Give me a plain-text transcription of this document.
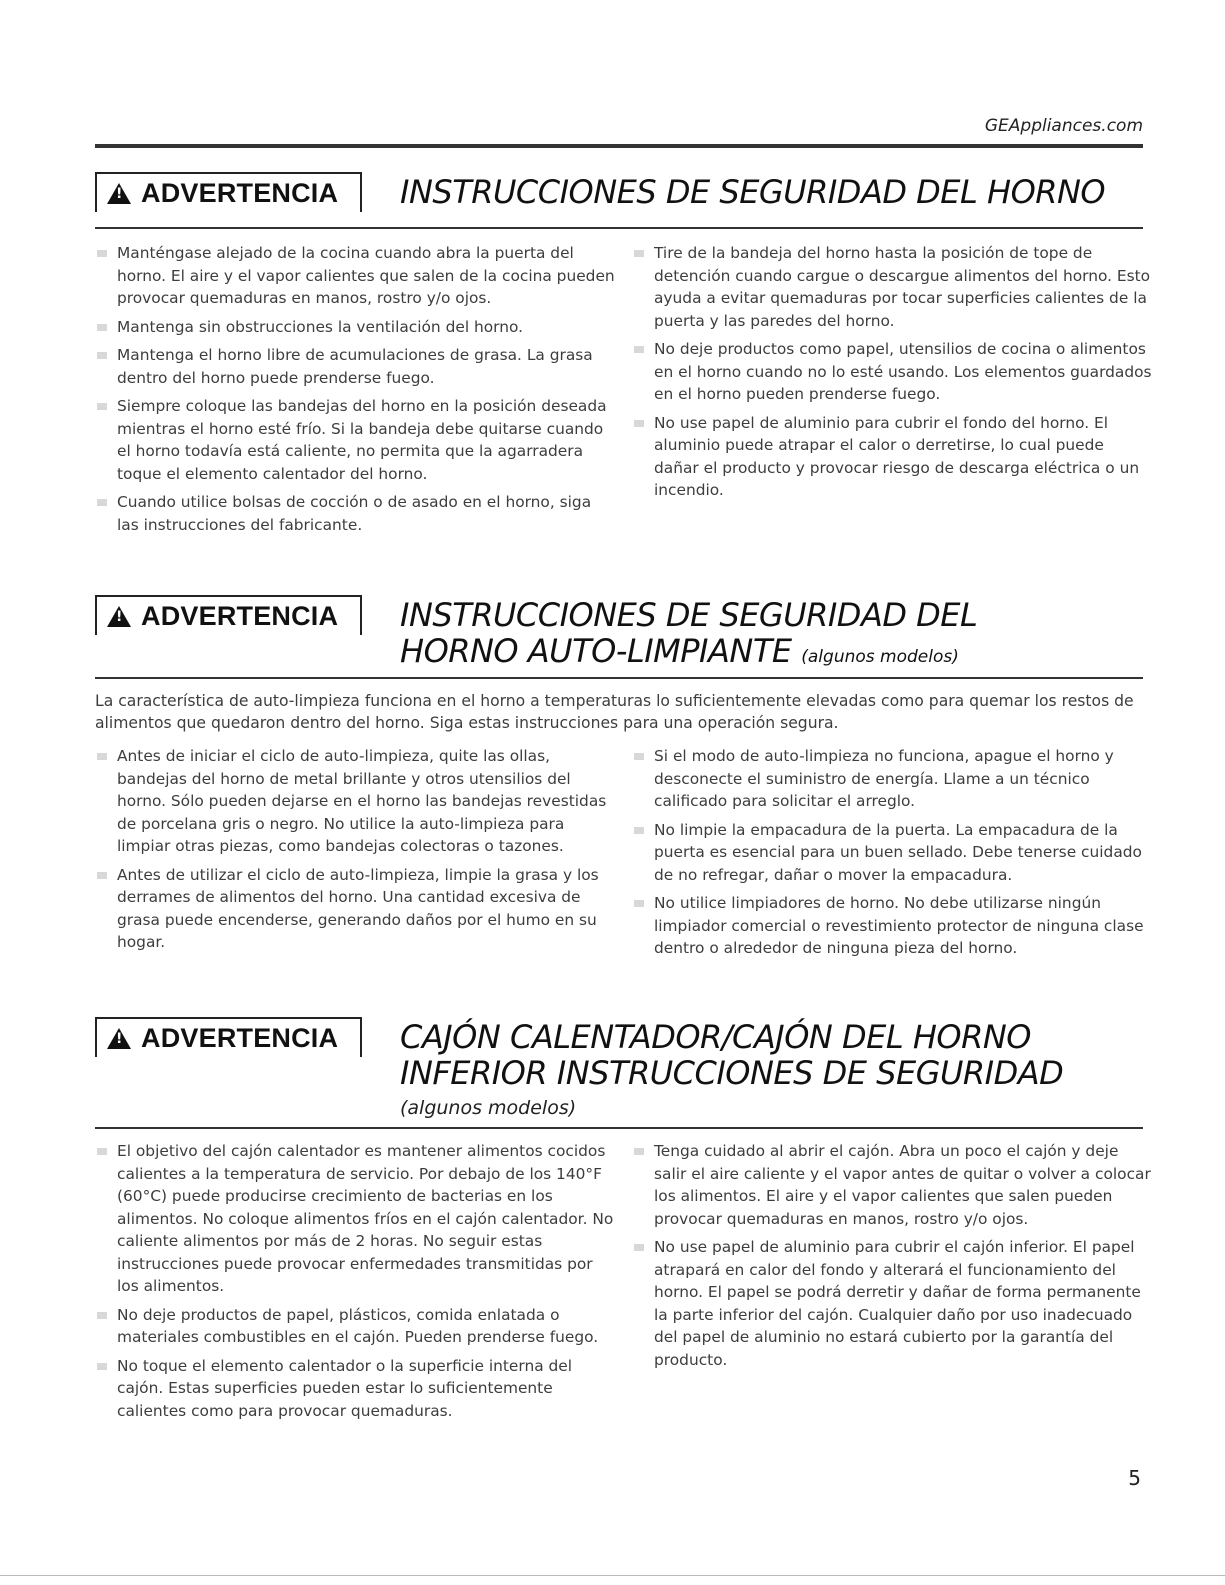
GEAppliances.com
!
ADVERTENCIA INSTRUCCIONES DE SEGURIDAD DEL HORNO
Manténgase alejado de la cocina cuando abra la puerta del horno. El aire y el vapor calientes que salen de la cocina pueden provocar quemaduras en manos, rostro y/o ojos.
Mantenga sin obstrucciones la ventilación del horno.
Mantenga el horno libre de acumulaciones de grasa. La grasa dentro del horno puede prenderse fuego.
Siempre coloque las bandejas del horno en la posición deseada mientras el horno esté frío. Si la bandeja debe quitarse cuando el horno todavía está caliente, no permita que la agarradera toque el elemento calentador del horno.
Cuando utilice bolsas de cocción o de asado en el horno, siga las instrucciones del fabricante.
Tire de la bandeja del horno hasta la posición de tope de detención cuando cargue o descargue alimentos del horno. Esto ayuda a evitar quemaduras por tocar superficies calientes de la puerta y las paredes del horno.
No deje productos como papel, utensilios de cocina o alimentos en el horno cuando no lo esté usando. Los elementos guardados en el horno pueden prenderse fuego.
No use papel de aluminio para cubrir el fondo del horno. El aluminio puede atrapar el calor o derretirse, lo cual puede dañar el producto y provocar riesgo de descarga eléctrica o un incendio.
!
ADVERTENCIA INSTRUCCIONES DE SEGURIDAD DEL
HORNO AUTO-LIMPIANTE (algunos modelos)
La característica de auto-limpieza funciona en el horno a temperaturas lo suficientemente elevadas como para quemar los restos de alimentos que quedaron dentro del horno. Siga estas instrucciones para una operación segura.
Antes de iniciar el ciclo de auto-limpieza, quite las ollas, bandejas del horno de metal brillante y otros utensilios del horno. Sólo pueden dejarse en el horno las bandejas revestidas de porcelana gris o negro. No utilice la auto-limpieza para limpiar otras piezas, como bandejas colectoras o tazones.
Antes de utilizar el ciclo de auto-limpieza, limpie la grasa y los derrames de alimentos del horno. Una cantidad excesiva de grasa puede encenderse, generando daños por el humo en su hogar.
Si el modo de auto-limpieza no funciona, apague el horno y desconecte el suministro de energía. Llame a un técnico calificado para solicitar el arreglo.
No limpie la empacadura de la puerta. La empacadura de la puerta es esencial para un buen sellado. Debe tenerse cuidado de no refregar, dañar o mover la empacadura.
No utilice limpiadores de horno. No debe utilizarse ningún limpiador comercial o revestimiento protector de ninguna clase dentro o alrededor de ninguna pieza del horno.
!
ADVERTENCIA CAJÓN CALENTADOR/CAJÓN DEL HORNO
INFERIOR INSTRUCCIONES DE SEGURIDAD
(algunos modelos)
El objetivo del cajón calentador es mantener alimentos cocidos calientes a la temperatura de servicio. Por debajo de los 140°F (60°C) puede producirse crecimiento de bacterias en los alimentos. No coloque alimentos fríos en el cajón calentador. No caliente alimentos por más de 2 horas. No seguir estas instrucciones puede provocar enfermedades transmitidas por los alimentos.
No deje productos de papel, plásticos, comida enlatada o materiales combustibles en el cajón. Pueden prenderse fuego.
No toque el elemento calentador o la superficie interna del cajón. Estas superficies pueden estar lo suficientemente calientes como para provocar quemaduras.
Tenga cuidado al abrir el cajón. Abra un poco el cajón y deje salir el aire caliente y el vapor antes de quitar o volver a colocar los alimentos. El aire y el vapor calientes que salen pueden provocar quemaduras en manos, rostro y/o ojos.
No use papel de aluminio para cubrir el cajón inferior. El papel atrapará en calor del fondo y alterará el funcionamiento del horno. El papel se podrá derretir y dañar de forma permanente la parte inferior del cajón. Cualquier daño por uso inadecuado del papel de aluminio no estará cubierto por la garantía del producto.
5
